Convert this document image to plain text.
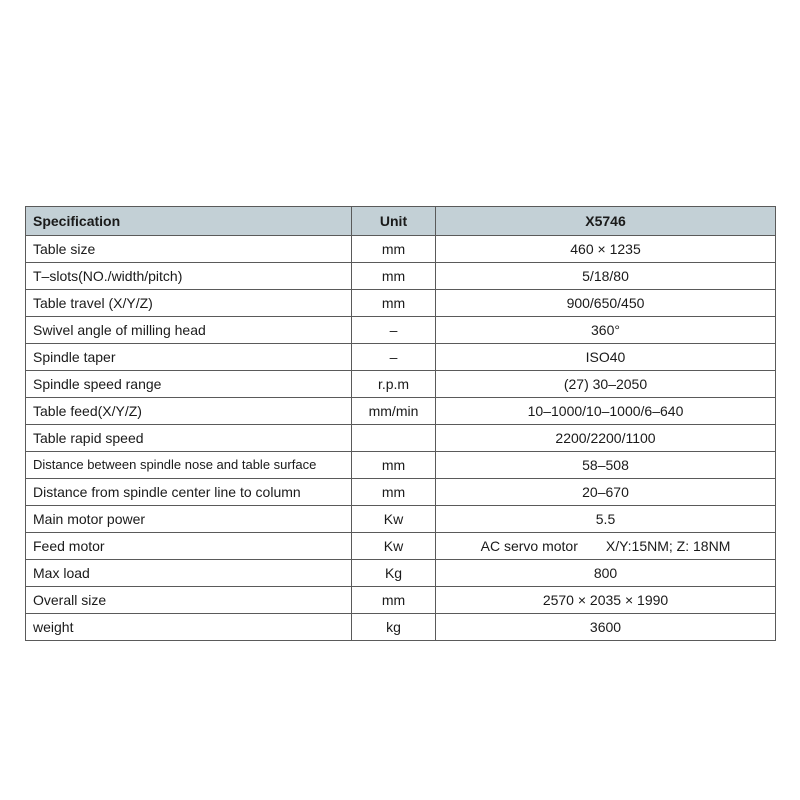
Specification	Unit	X5746
Table size	mm	460 × 1235
T–slots(NO./width/pitch)	mm	5/18/80
Table travel (X/Y/Z)	mm	900/650/450
Swivel angle of milling head	–	360°
Spindle taper	–	ISO40
Spindle speed range	r.p.m	(27) 30–2050
Table feed(X/Y/Z)	mm/min	10–1000/10–1000/6–640
Table rapid speed		2200/2200/1100
Distance between spindle nose and table surface	mm	58–508
Distance from spindle center line to column	mm	20–670
Main motor power	Kw	5.5
Feed motor	Kw	AC servo motor X/Y:15NM; Z: 18NM
Max load	Kg	800
Overall size	mm	2570 × 2035 × 1990
weight	kg	3600
